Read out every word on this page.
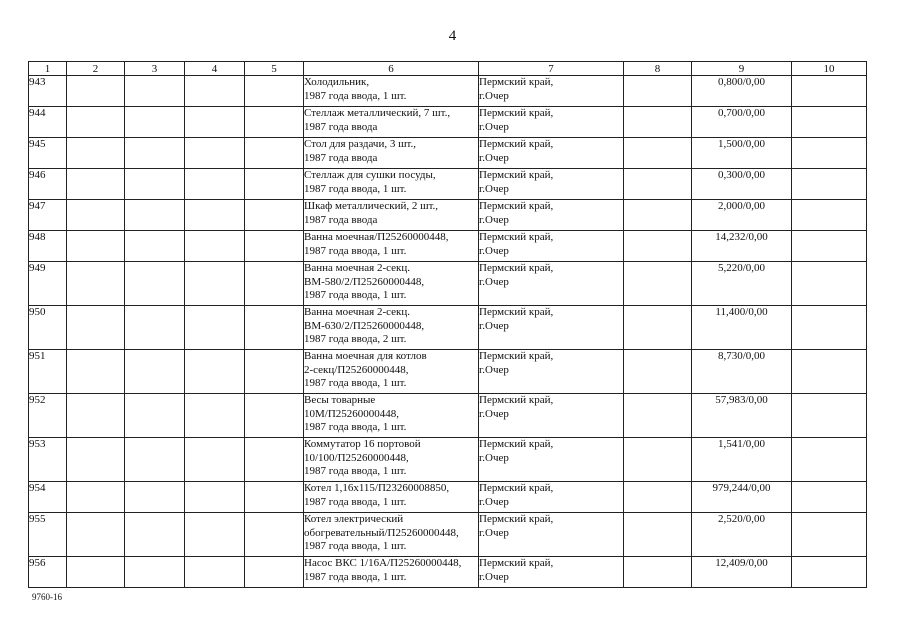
4
1	2	3	4	5	6	7	8	9	10
943					Холодильник,
1987 года ввода, 1 шт.	Пермский край,
г.Очер		0,800/0,00	
944					Стеллаж металлический, 7 шт.,
1987 года ввода	Пермский край,
г.Очер		0,700/0,00	
945					Стол для раздачи, 3 шт.,
1987 года ввода	Пермский край,
г.Очер		1,500/0,00	
946					Стеллаж для сушки посуды,
1987 года ввода, 1 шт.	Пермский край,
г.Очер		0,300/0,00	
947					Шкаф металлический, 2 шт.,
1987 года ввода	Пермский край,
г.Очер		2,000/0,00	
948					Ванна моечная/П25260000448,
1987 года ввода, 1 шт.	Пермский край,
г.Очер		14,232/0,00	
949					Ванна моечная 2-секц.
ВМ-580/2/П25260000448,
1987 года ввода, 1 шт.	Пермский край,
г.Очер		5,220/0,00	
950					Ванна моечная 2-секц.
ВМ-630/2/П25260000448,
1987 года ввода, 2 шт.	Пермский край,
г.Очер		11,400/0,00	
951					Ванна моечная для котлов
2-секц/П25260000448,
1987 года ввода, 1 шт.	Пермский край,
г.Очер		8,730/0,00	
952					Весы товарные
10М/П25260000448,
1987 года ввода, 1 шт.	Пермский край,
г.Очер		57,983/0,00	
953					Коммутатор 16 портовой
10/100/П25260000448,
1987 года ввода, 1 шт.	Пермский край,
г.Очер		1,541/0,00	
954					Котел 1,16х115/П23260008850,
1987 года ввода, 1 шт.	Пермский край,
г.Очер		979,244/0,00	
955					Котел электрический
обогревательный/П25260000448,
1987 года ввода, 1 шт.	Пермский край,
г.Очер		2,520/0,00	
956					Насос ВКС 1/16А/П25260000448,
1987 года ввода, 1 шт.	Пермский край,
г.Очер		12,409/0,00	
9760-16
